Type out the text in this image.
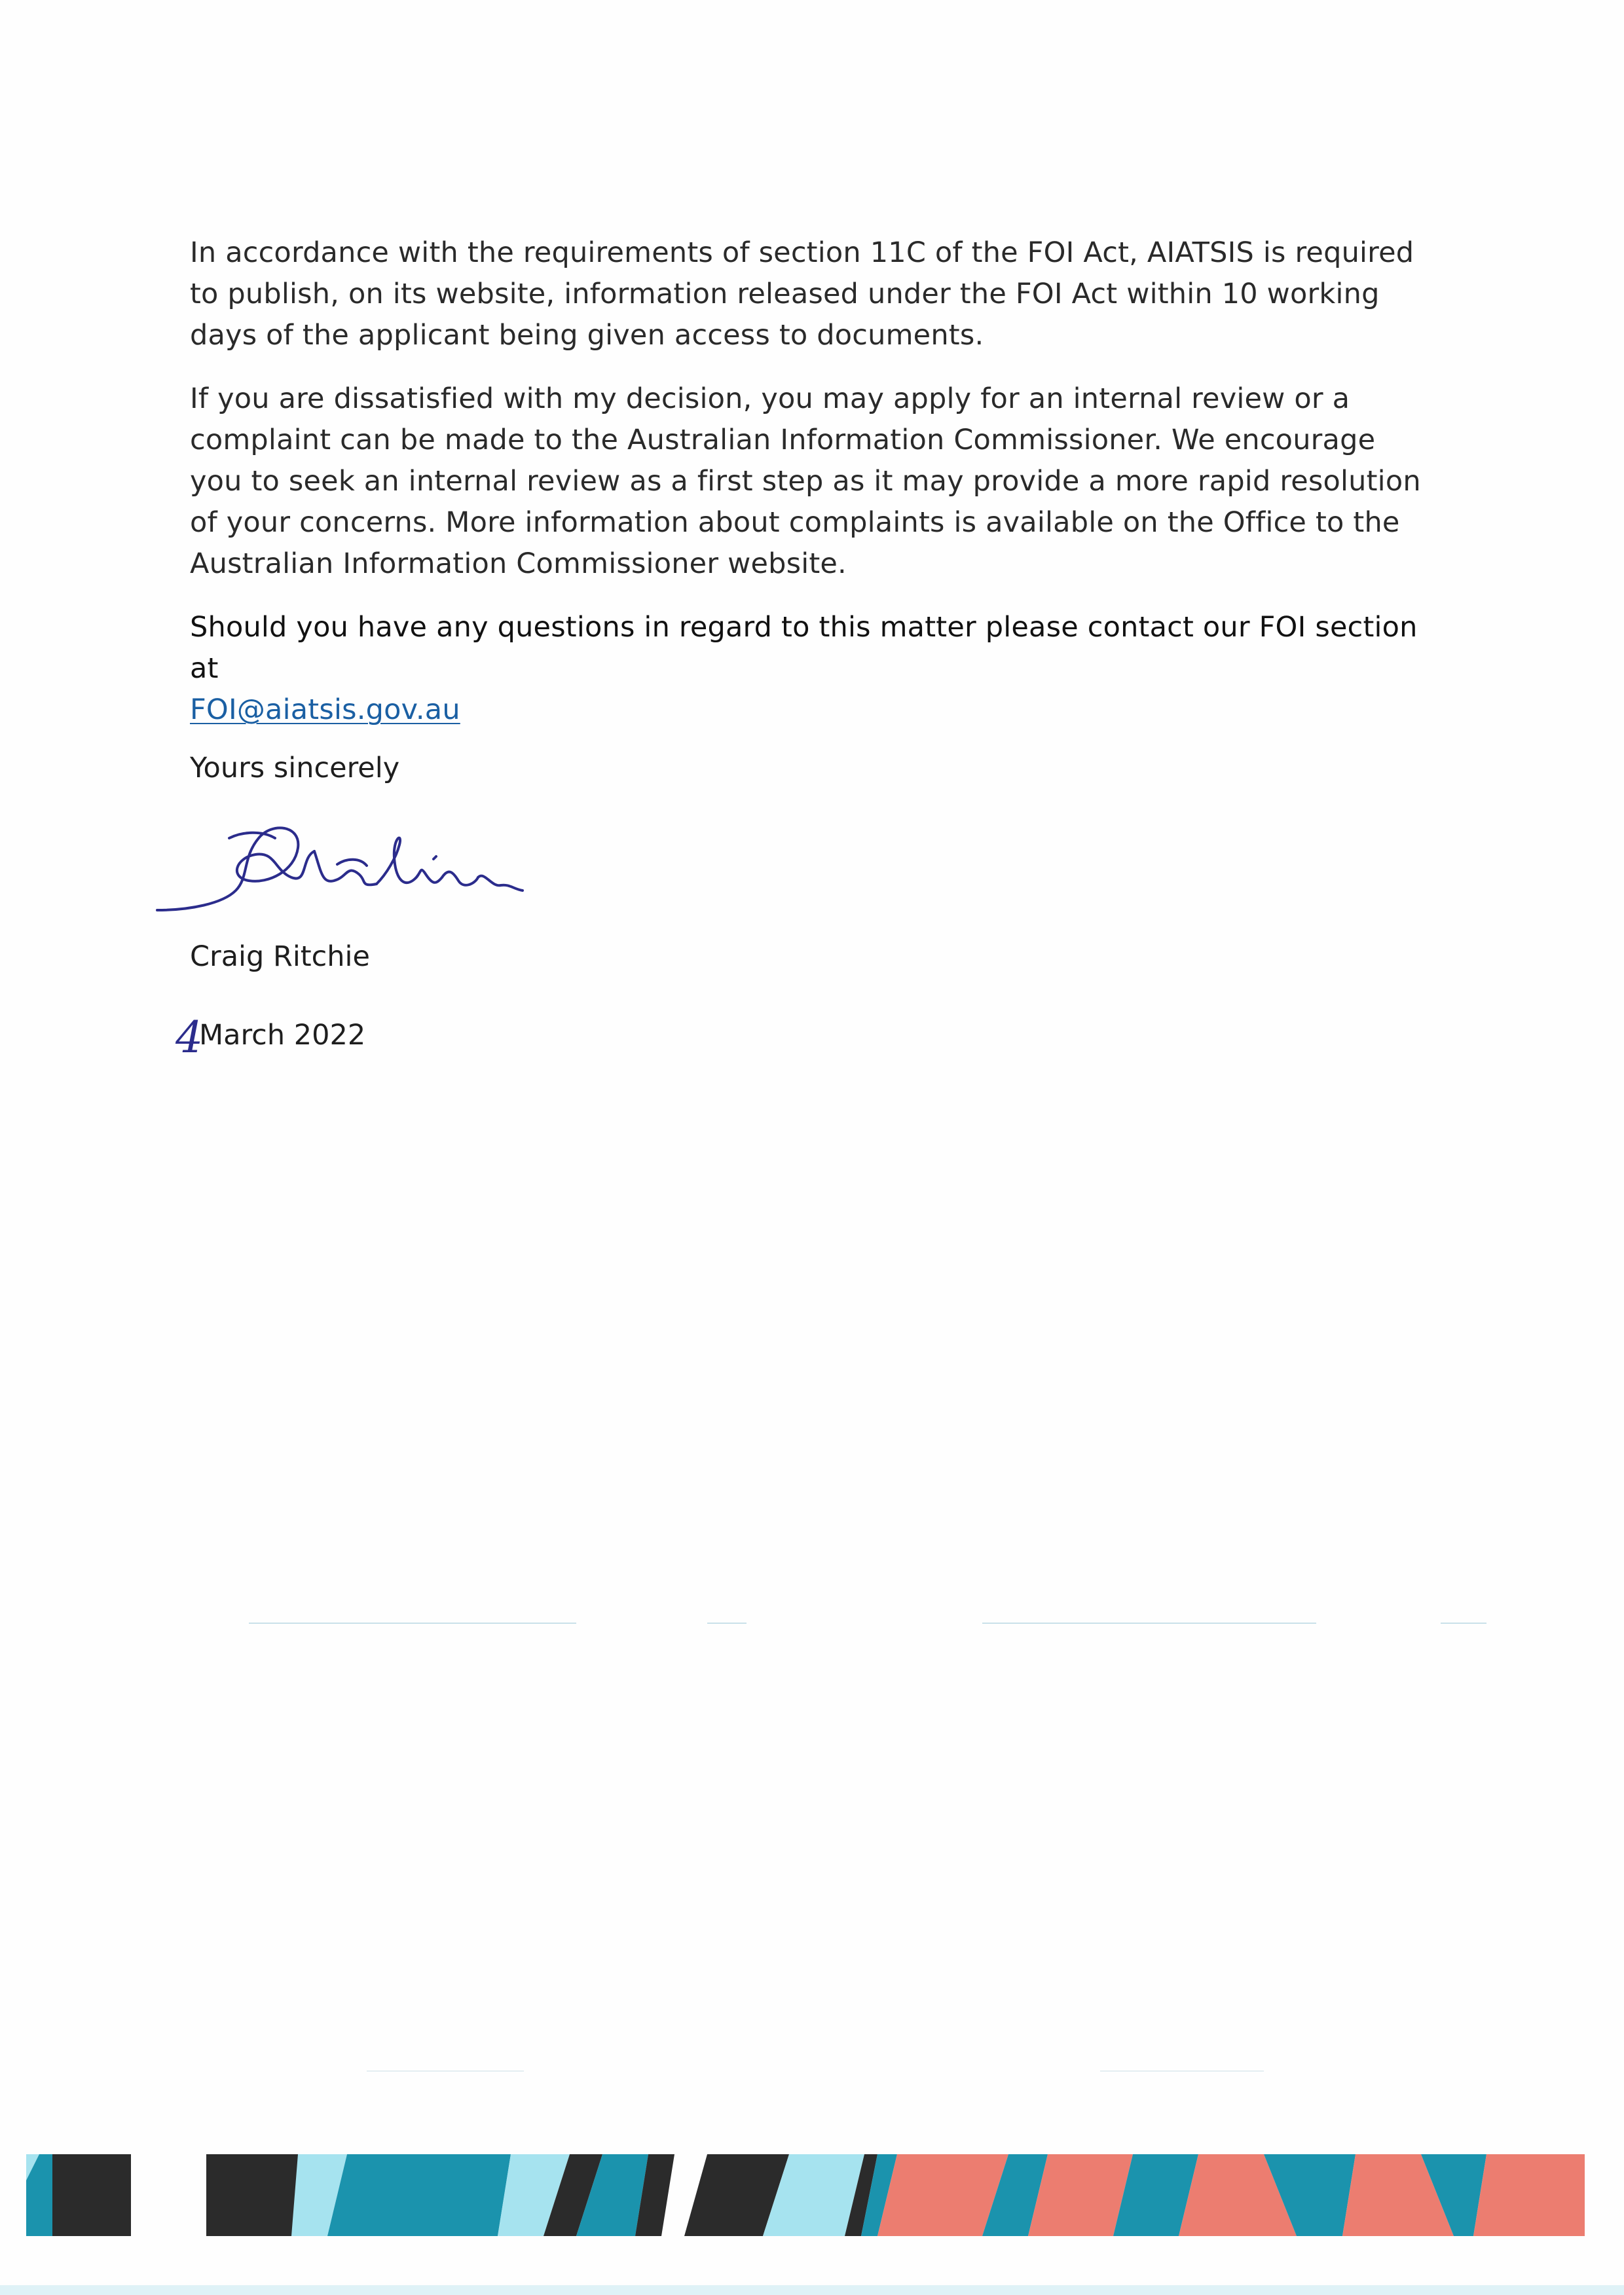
In accordance with the requirements of section 11C of the FOI Act, AIATSIS is required to publish, on its website, information released under the FOI Act within 10 working days of the applicant being given access to documents.

If you are dissatisfied with my decision, you may apply for an internal review or a complaint can be made to the Australian Information Commissioner. We encourage you to seek an internal review as a first step as it may provide a more rapid resolution of your concerns. More information about complaints is available on the Office to the Australian Information Commissioner website.

Should you have any questions in regard to this matter please contact our FOI section at
FOI@aiatsis.gov.au

Yours sincerely
Craig Ritchie
4
March 2022
